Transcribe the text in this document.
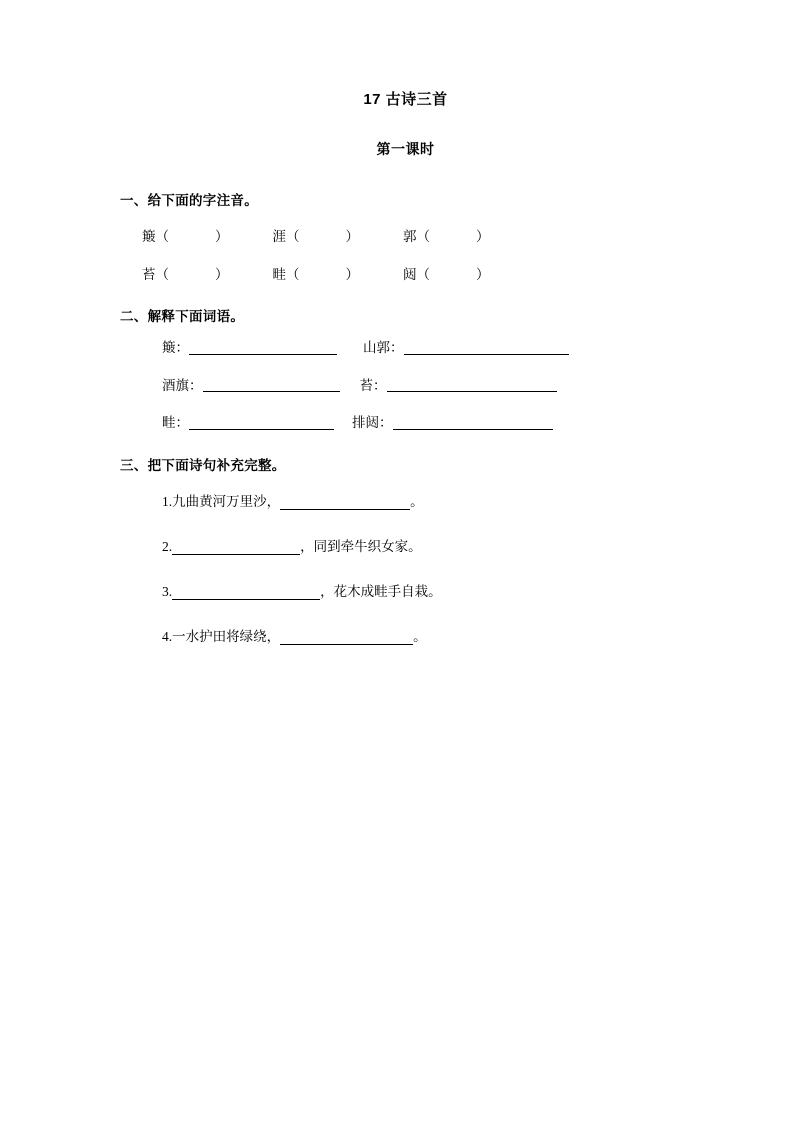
17 古诗三首
第一课时
一、给下面的字注音。
簸（	）	涯（	）	郭（	）
苔（	）	畦（	）	闼（	）
二、解释下面词语。
簸：	山郭：
酒旗：	苔：
畦：	排闼：
三、把下面诗句补充完整。
1. 九曲黄河万里沙，	。
2.	，同到牵牛织女家。
3.	，花木成畦手自栽。
4. 一水护田将绿绕，	。
